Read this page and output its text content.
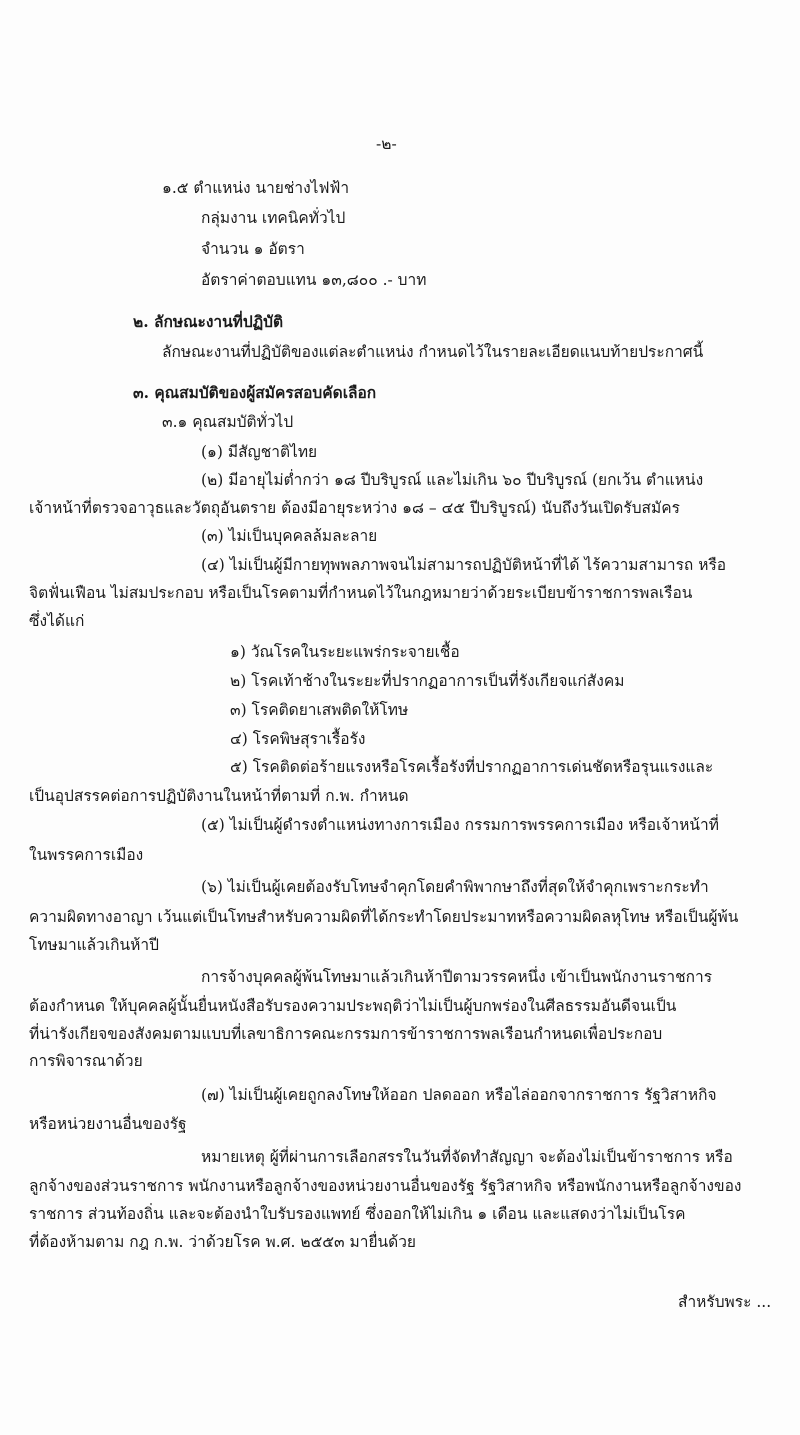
-๒-
๑.๕ ตำแหน่ง นายช่างไฟฟ้า
กลุ่มงาน เทคนิคทั่วไป
จำนวน ๑ อัตรา
อัตราค่าตอบแทน ๑๓,๘๐๐ .- บาท
๒. ลักษณะงานที่ปฏิบัติ
ลักษณะงานที่ปฏิบัติของแต่ละตำแหน่ง กำหนดไว้ในรายละเอียดแนบท้ายประกาศนี้
๓. คุณสมบัติของผู้สมัครสอบคัดเลือก
๓.๑ คุณสมบัติทั่วไป
(๑) มีสัญชาติไทย
(๒) มีอายุไม่ต่ำกว่า ๑๘ ปีบริบูรณ์ และไม่เกิน ๖๐ ปีบริบูรณ์ (ยกเว้น ตำแหน่ง
เจ้าหน้าที่ตรวจอาวุธและวัตถุอันตราย ต้องมีอายุระหว่าง ๑๘ – ๔๕ ปีบริบูรณ์) นับถึงวันเปิดรับสมัคร
(๓) ไม่เป็นบุคคลล้มละลาย
(๔) ไม่เป็นผู้มีกายทุพพลภาพจนไม่สามารถปฏิบัติหน้าที่ได้ ไร้ความสามารถ หรือ
จิตฟั่นเฟือน ไม่สมประกอบ หรือเป็นโรคตามที่กำหนดไว้ในกฎหมายว่าด้วยระเบียบข้าราชการพลเรือน
ซึ่งได้แก่
๑) วัณโรคในระยะแพร่กระจายเชื้อ
๒) โรคเท้าช้างในระยะที่ปรากฏอาการเป็นที่รังเกียจแก่สังคม
๓) โรคติดยาเสพติดให้โทษ
๔) โรคพิษสุราเรื้อรัง
๕) โรคติดต่อร้ายแรงหรือโรคเรื้อรังที่ปรากฏอาการเด่นชัดหรือรุนแรงและ
เป็นอุปสรรคต่อการปฏิบัติงานในหน้าที่ตามที่ ก.พ. กำหนด
(๕) ไม่เป็นผู้ดำรงตำแหน่งทางการเมือง กรรมการพรรคการเมือง หรือเจ้าหน้าที่
ในพรรคการเมือง
(๖) ไม่เป็นผู้เคยต้องรับโทษจำคุกโดยคำพิพากษาถึงที่สุดให้จำคุกเพราะกระทำ
ความผิดทางอาญา เว้นแต่เป็นโทษสำหรับความผิดที่ได้กระทำโดยประมาทหรือความผิดลหุโทษ หรือเป็นผู้พ้น
โทษมาแล้วเกินห้าปี
การจ้างบุคคลผู้พ้นโทษมาแล้วเกินห้าปีตามวรรคหนึ่ง เข้าเป็นพนักงานราชการ
ต้องกำหนด ให้บุคคลผู้นั้นยื่นหนังสือรับรองความประพฤติว่าไม่เป็นผู้บกพร่องในศีลธรรมอันดีจนเป็น
ที่น่ารังเกียจของสังคมตามแบบที่เลขาธิการคณะกรรมการข้าราชการพลเรือนกำหนดเพื่อประกอบ
การพิจารณาด้วย
(๗) ไม่เป็นผู้เคยถูกลงโทษให้ออก ปลดออก หรือไล่ออกจากราชการ รัฐวิสาหกิจ
หรือหน่วยงานอื่นของรัฐ
หมายเหตุ ผู้ที่ผ่านการเลือกสรรในวันที่จัดทำสัญญา จะต้องไม่เป็นข้าราชการ หรือ
ลูกจ้างของส่วนราชการ พนักงานหรือลูกจ้างของหน่วยงานอื่นของรัฐ รัฐวิสาหกิจ หรือพนักงานหรือลูกจ้างของ
ราชการ ส่วนท้องถิ่น และจะต้องนำใบรับรองแพทย์ ซึ่งออกให้ไม่เกิน ๑ เดือน และแสดงว่าไม่เป็นโรค
ที่ต้องห้ามตาม กฎ ก.พ. ว่าด้วยโรค พ.ศ. ๒๕๕๓ มายื่นด้วย
สำหรับพระ ...
